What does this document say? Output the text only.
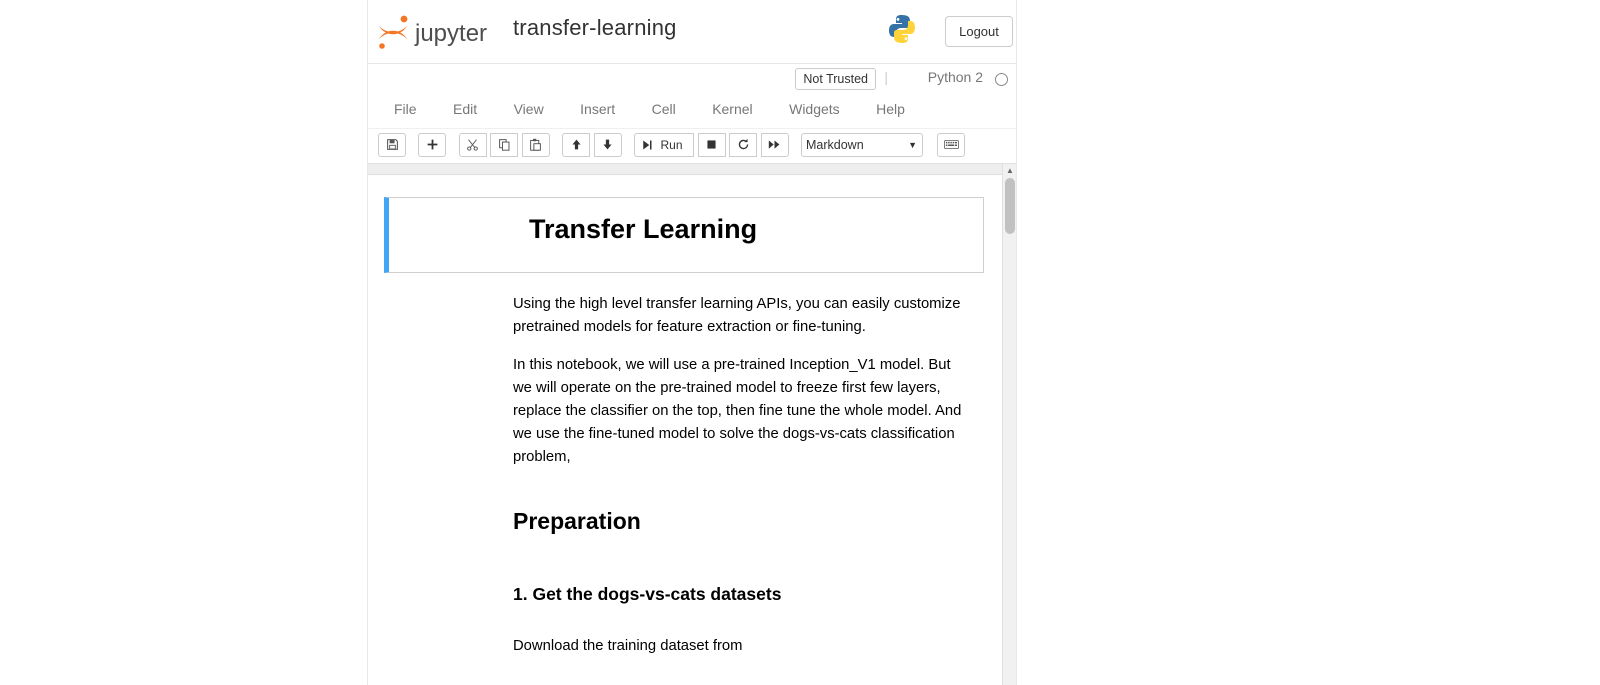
jupyter transfer-learning	Logout
Not Trusted	|	Python 2
File	Edit	View	Insert	Cell	Kernel	Widgets	Help
Run	Markdown	▼

▲
Transfer Learning
Using the high level transfer learning APIs, you can easily customize pretrained models for feature extraction or fine-tuning.
In this notebook, we will use a pre-trained Inception_V1 model. But we will operate on the pre-trained model to freeze first few layers, replace the classifier on the top, then fine tune the whole model. And we use the fine-tuned model to solve the dogs-vs-cats classification problem,
Preparation
1. Get the dogs-vs-cats datasets
Download the training dataset from
